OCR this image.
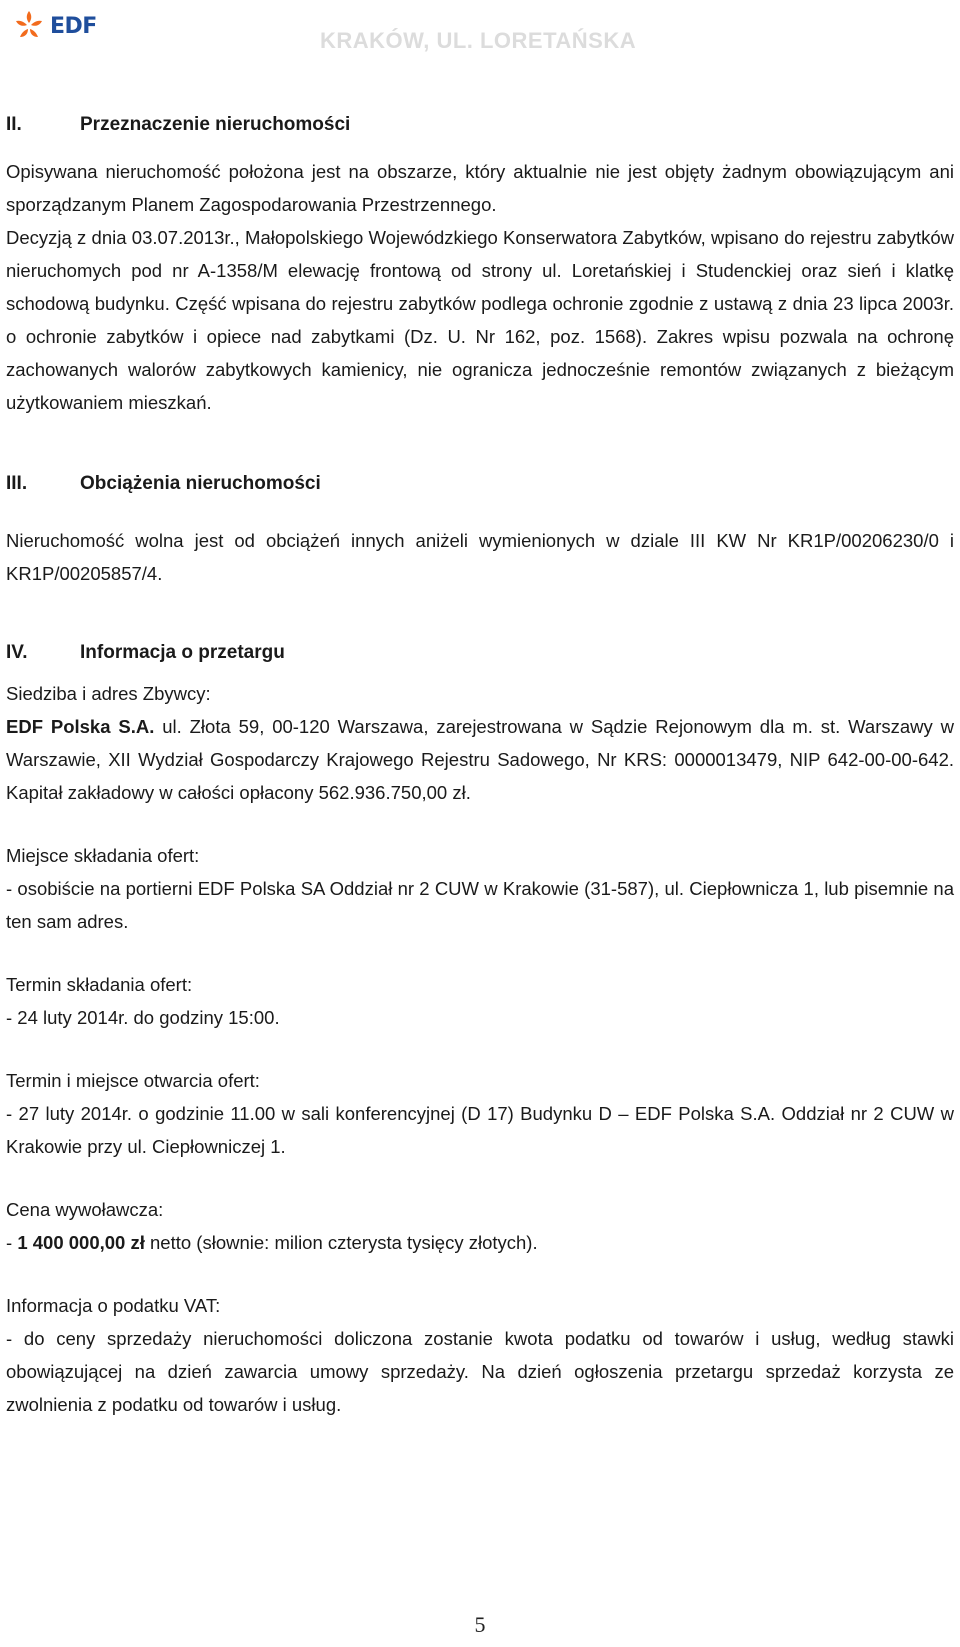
EDF
KRAKÓW, UL. LORETAŃSKA
II.	Przeznaczenie nieruchomości

Opisywana nieruchomość położona jest na obszarze, który aktualnie nie jest objęty żadnym obowiązującym ani sporządzanym Planem Zagospodarowania Przestrzennego.

Decyzją z dnia 03.07.2013r., Małopolskiego Wojewódzkiego Konserwatora Zabytków, wpisano do rejestru zabytków nieruchomych pod nr A-1358/M elewację frontową od strony ul. Loretańskiej i Studenckiej oraz sień i klatkę schodową budynku. Część wpisana do rejestru zabytków podlega ochronie zgodnie z ustawą z dnia 23 lipca 2003r. o ochronie zabytków i opiece nad zabytkami (Dz. U. Nr 162, poz. 1568). Zakres wpisu pozwala na ochronę zachowanych walorów zabytkowych kamienicy, nie ogranicza jednocześnie remontów związanych z bieżącym użytkowaniem mieszkań.

III.	Obciążenia nieruchomości

Nieruchomość wolna jest od obciążeń innych aniżeli wymienionych w dziale III KW Nr KR1P/00206230/0 i KR1P/00205857/4.

IV.	Informacja o przetargu

Siedziba i adres Zbywcy:

EDF Polska S.A. ul. Złota 59, 00-120 Warszawa, zarejestrowana w Sądzie Rejonowym dla m. st. Warszawy w Warszawie, XII Wydział Gospodarczy Krajowego Rejestru Sadowego, Nr KRS: 0000013479, NIP 642-00-00-642. Kapitał zakładowy w całości opłacony 562.936.750,00 zł.

Miejsce składania ofert:

- osobiście na portierni EDF Polska SA Oddział nr 2 CUW w Krakowie (31-587), ul. Ciepłownicza 1, lub pisemnie na ten sam adres.

Termin składania ofert:

- 24 luty 2014r. do godziny 15:00.

Termin i miejsce otwarcia ofert:

- 27 luty 2014r. o godzinie 11.00 w sali konferencyjnej (D 17) Budynku D – EDF Polska S.A. Oddział nr 2 CUW w Krakowie przy ul. Ciepłowniczej 1.

Cena wywoławcza:

- 1 400 000,00 zł netto (słownie: milion czterysta tysięcy złotych).

Informacja o podatku VAT:

- do ceny sprzedaży nieruchomości doliczona zostanie kwota podatku od towarów i usług, według stawki obowiązującej na dzień zawarcia umowy sprzedaży. Na dzień ogłoszenia przetargu sprzedaż korzysta ze zwolnienia z podatku od towarów i usług.

5
